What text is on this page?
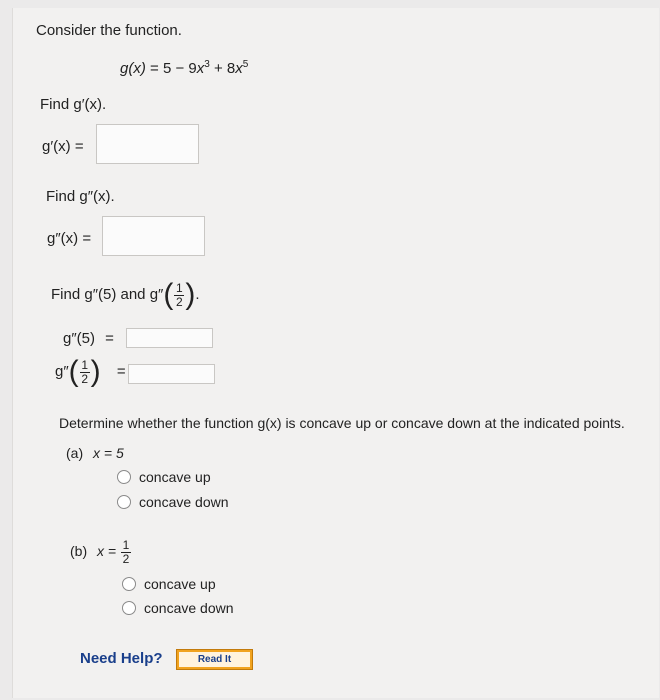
Consider the function.
$g(x) = 5 - 9x^3 + 8x^5$
Find g′(x).
g′(x) =
Find g″(x).
g″(x) =
Find g″(5) and $g''( \frac{1}{2}$ ).
g″(5) =
$g''( \frac{1}{2}$ ) =
Determine whether the function g(x) is concave up or concave down at the indicated points.
(a) x = 5
concave up
concave down
(b) $x = \frac{1}{2}$
concave up
concave down
Need Help?	Read It
